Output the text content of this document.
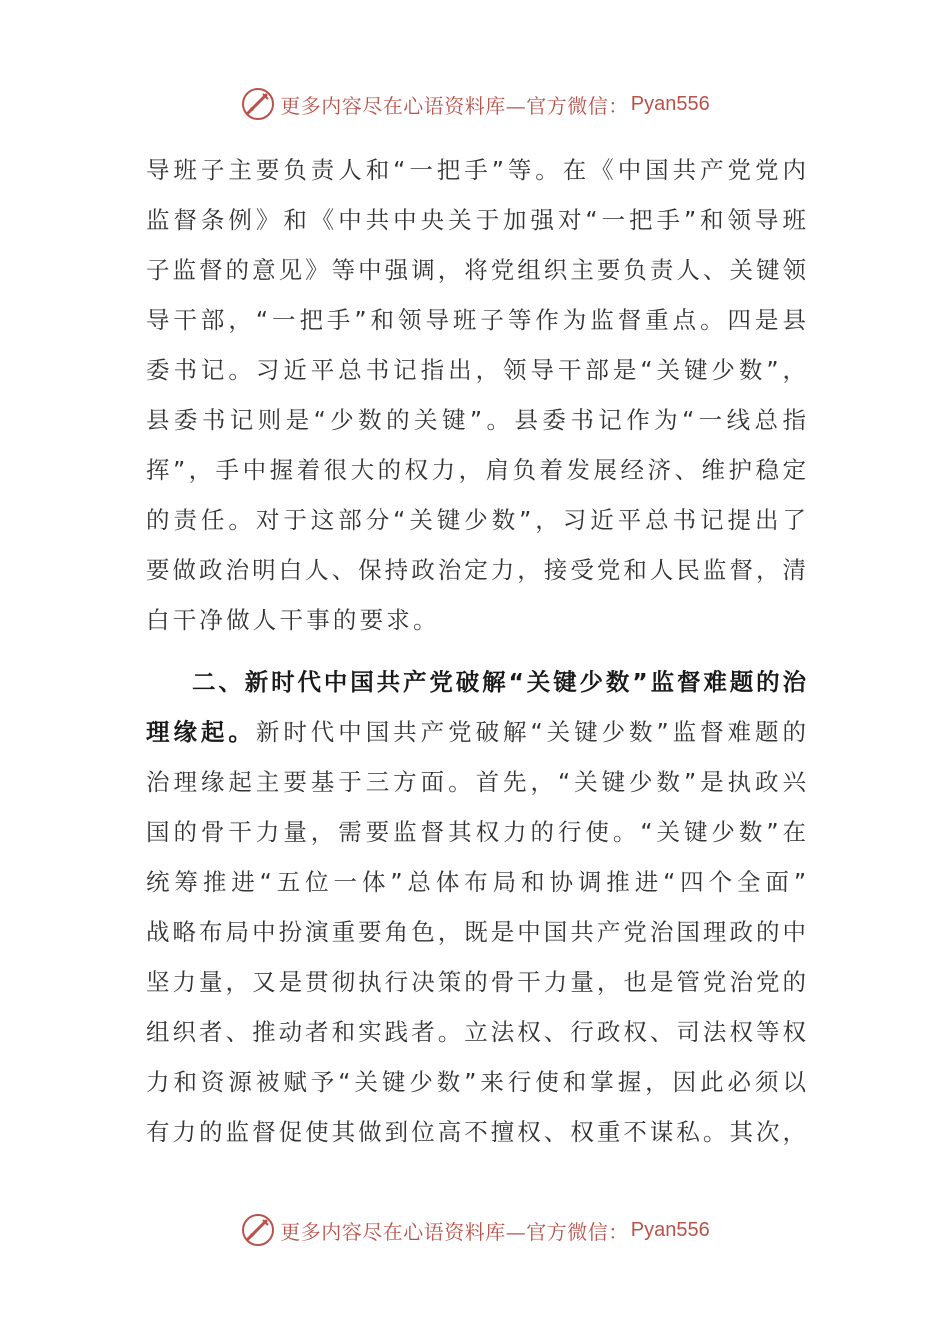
更多内容尽在心语资料库—官方微信： Pyan556
导班子主要负责人和“一把手”等。在《中国共产党党内
监督条例》和《中共中央关于加强对“一把手”和领导班
子监督的意见》等中强调，将党组织主要负责人、关键领
导干部，“一把手”和领导班子等作为监督重点。四是县
委书记。习近平总书记指出，领导干部是“关键少数”，
县委书记则是“少数的关键”。县委书记作为“一线总指
挥”，手中握着很大的权力，肩负着发展经济、维护稳定
的责任。对于这部分“关键少数”，习近平总书记提出了
要做政治明白人、保持政治定力，接受党和人民监督，清
白干净做人干事的要求。
二、新时代中国共产党破解“关键少数”监督难题的治
理缘起。新时代中国共产党破解“关键少数”监督难题的
治理缘起主要基于三方面。首先，“关键少数”是执政兴
国的骨干力量，需要监督其权力的行使。“关键少数”在
统筹推进“五位一体”总体布局和协调推进“四个全面”
战略布局中扮演重要角色，既是中国共产党治国理政的中
坚力量，又是贯彻执行决策的骨干力量，也是管党治党的
组织者、推动者和实践者。立法权、行政权、司法权等权
力和资源被赋予“关键少数”来行使和掌握，因此必须以
有力的监督促使其做到位高不擅权、权重不谋私。其次，
更多内容尽在心语资料库—官方微信： Pyan556
